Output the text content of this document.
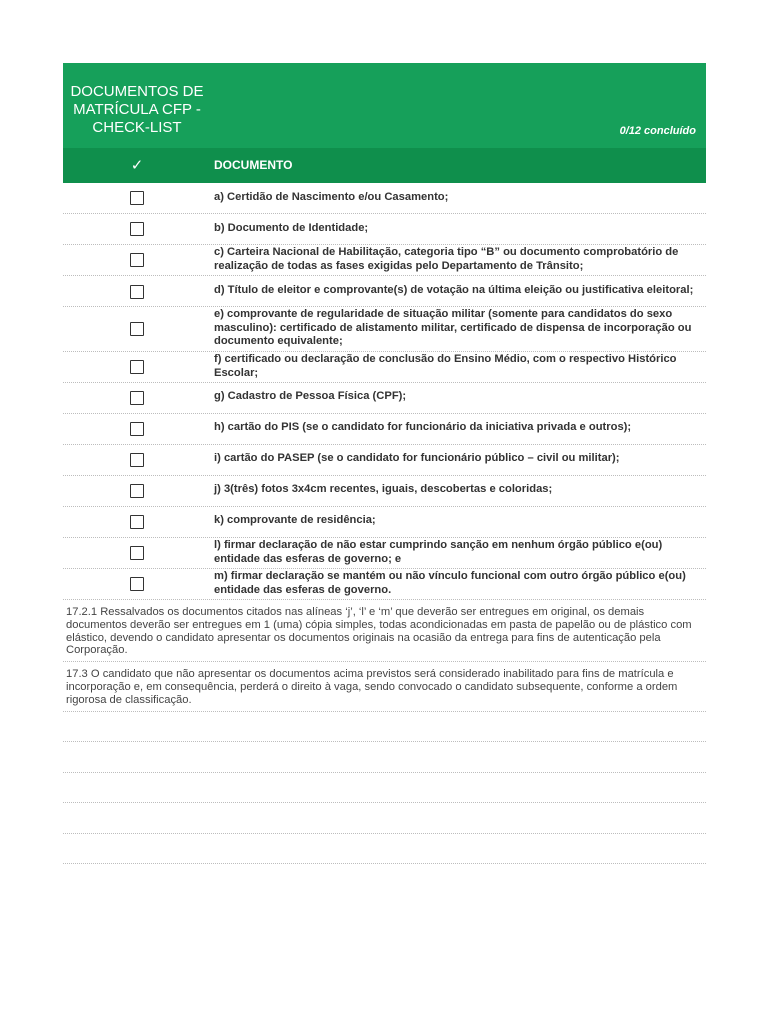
DOCUMENTOS DE MATRÍCULA CFP - CHECK-LIST	0/12 concluído
✓	DOCUMENTO
a) Certidão de Nascimento e/ou Casamento;
b) Documento de Identidade;
c) Carteira Nacional de Habilitação, categoria tipo “B” ou documento comprobatório de realização de todas as fases exigidas pelo Departamento de Trânsito;
d) Título de eleitor e comprovante(s) de votação na última eleição ou justificativa eleitoral;
e) comprovante de regularidade de situação militar (somente para candidatos do sexo masculino): certificado de alistamento militar, certificado de dispensa de incorporação ou documento equivalente;
f) certificado ou declaração de conclusão do Ensino Médio, com o respectivo Histórico Escolar;
g) Cadastro de Pessoa Física (CPF);
h) cartão do PIS (se o candidato for funcionário da iniciativa privada e outros);
i) cartão do PASEP (se o candidato for funcionário público – civil ou militar);
j) 3(três) fotos 3x4cm recentes, iguais, descobertas e coloridas;
k) comprovante de residência;
l) firmar declaração de não estar cumprindo sanção em nenhum órgão público e(ou) entidade das esferas de governo; e
m) firmar declaração se mantém ou não vínculo funcional com outro órgão público e(ou) entidade das esferas de governo.
17.2.1 Ressalvados os documentos citados nas alíneas ‘j’, ‘l’ e ‘m’ que deverão ser entregues em original, os demais documentos deverão ser entregues em 1 (uma) cópia simples, todas acondicionadas em pasta de papelão ou de plástico com elástico, devendo o candidato apresentar os documentos originais na ocasião da entrega para fins de autenticação pela Corporação.
17.3 O candidato que não apresentar os documentos acima previstos será considerado inabilitado para fins de matrícula e incorporação e, em consequência, perderá o direito à vaga, sendo convocado o candidato subsequente, conforme a ordem rigorosa de classificação.
